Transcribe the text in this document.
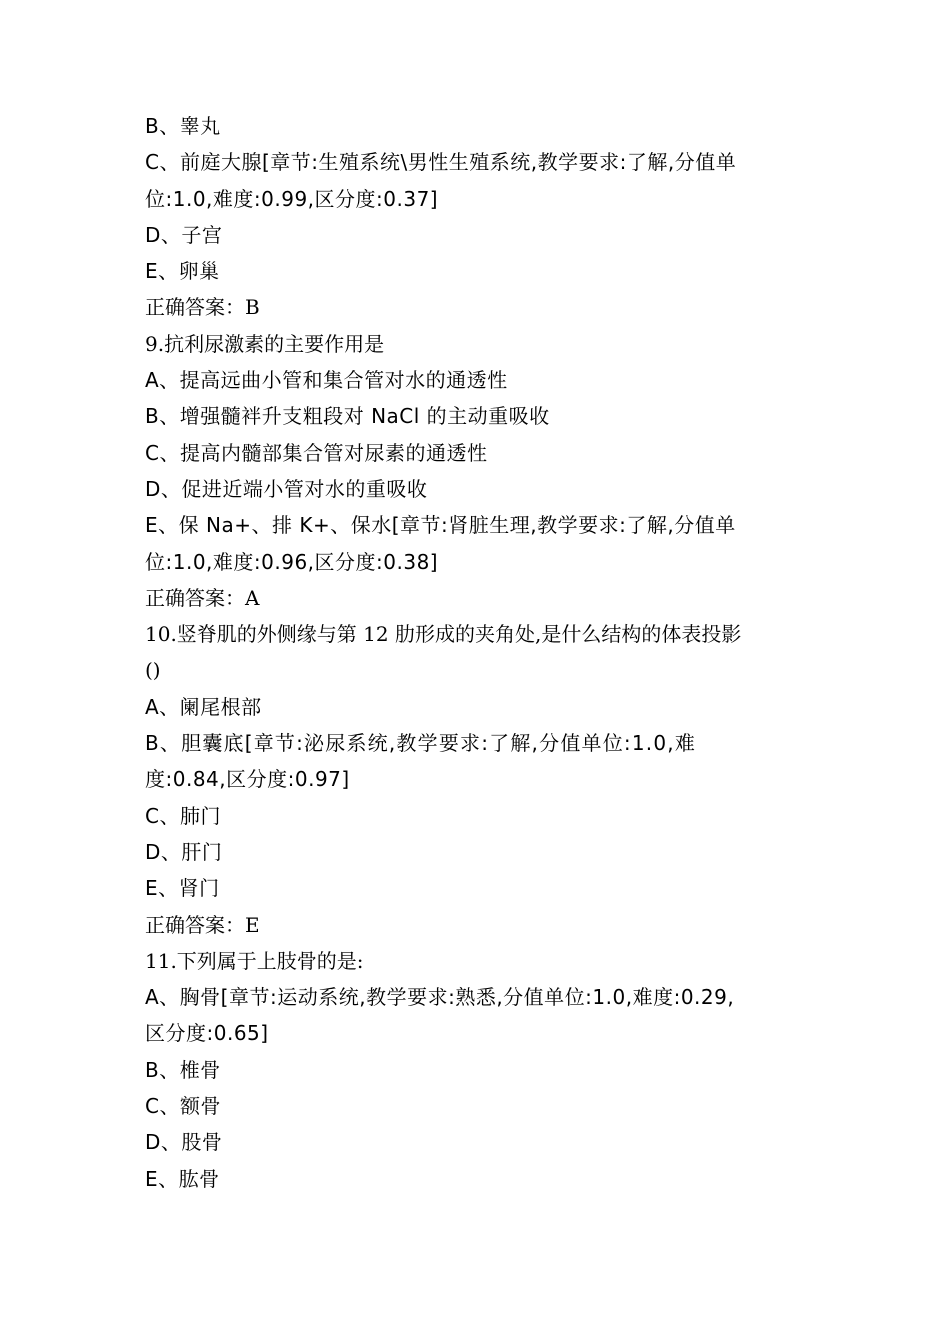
B、睾丸
C、前庭大腺[章节:生殖系统\男性生殖系统,教学要求:了解,分值单
位:1.0,难度:0.99,区分度:0.37]
D、子宫
E、卵巢
正确答案：B
9.抗利尿激素的主要作用是
A、提高远曲小管和集合管对水的通透性
B、增强髓袢升支粗段对 NaCl 的主动重吸收
C、提高内髓部集合管对尿素的通透性
D、促进近端小管对水的重吸收
E、保 Na+、排 K+、保水[章节:肾脏生理,教学要求:了解,分值单
位:1.0,难度:0.96,区分度:0.38]
正确答案：A
10.竖脊肌的外侧缘与第 12 肋形成的夹角处,是什么结构的体表投影
()
A、阑尾根部
B、胆囊底[章节:泌尿系统,教学要求:了解,分值单位:1.0,难
度:0.84,区分度:0.97]
C、肺门
D、肝门
E、肾门
正确答案：E
11.下列属于上肢骨的是:
A、胸骨[章节:运动系统,教学要求:熟悉,分值单位:1.0,难度:0.29,
区分度:0.65]
B、椎骨
C、额骨
D、股骨
E、肱骨
